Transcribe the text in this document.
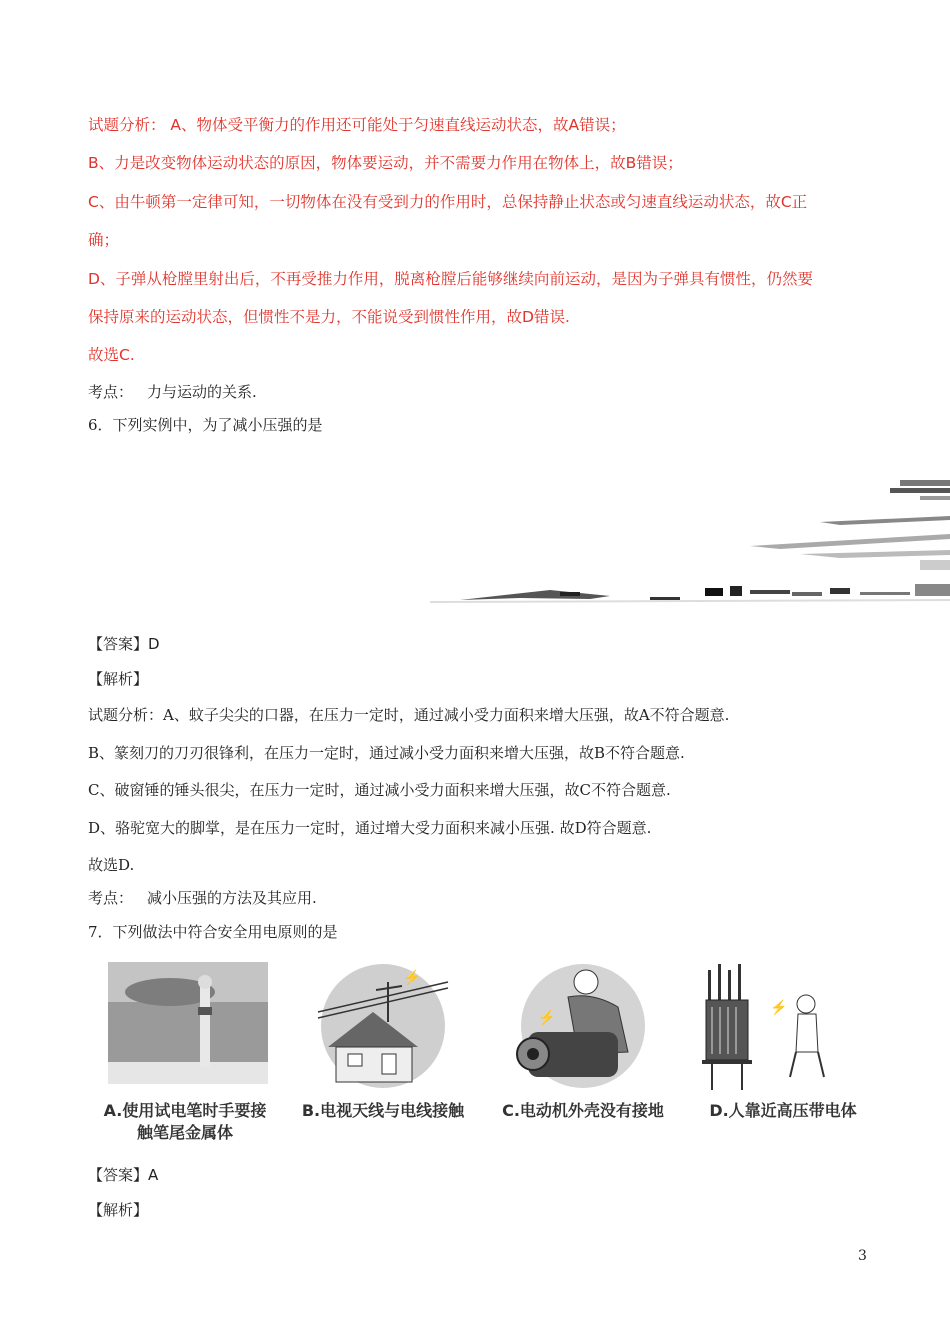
试题分析： A、物体受平衡力的作用还可能处于匀速直线运动状态，故A错误；
B、力是改变物体运动状态的原因，物体要运动，并不需要力作用在物体上，故B错误；
C、由牛顿第一定律可知，一切物体在没有受到力的作用时，总保持静止状态或匀速直线运动状态，故C正
确；
D、子弹从枪膛里射出后，不再受推力作用，脱离枪膛后能够继续向前运动，是因为子弹具有惯性，仍然要
保持原来的运动状态，但惯性不是力，不能说受到惯性作用，故D错误.
故选C.
考点： 力与运动的关系.
6．下列实例中，为了减小压强的是
【答案】D
【解析】
试题分析：A、蚊子尖尖的口器，在压力一定时，通过减小受力面积来增大压强，故A不符合题意.
B、篆刻刀的刀刃很锋利，在压力一定时，通过减小受力面积来增大压强，故B不符合题意.
C、破窗锤的锤头很尖，在压力一定时，通过减小受力面积来增大压强，故C不符合题意.
D、骆驼宽大的脚掌，是在压力一定时，通过增大受力面积来减小压强. 故D符合题意.
故选D.
考点： 减小压强的方法及其应用.
7．下列做法中符合安全用电原则的是
A.使用试电笔时手要接触笔尾金属体
⚡
B.电视天线与电线接触
⚡
C.电动机外壳没有接地
⚡
D.人靠近高压带电体
【答案】A
【解析】
3
